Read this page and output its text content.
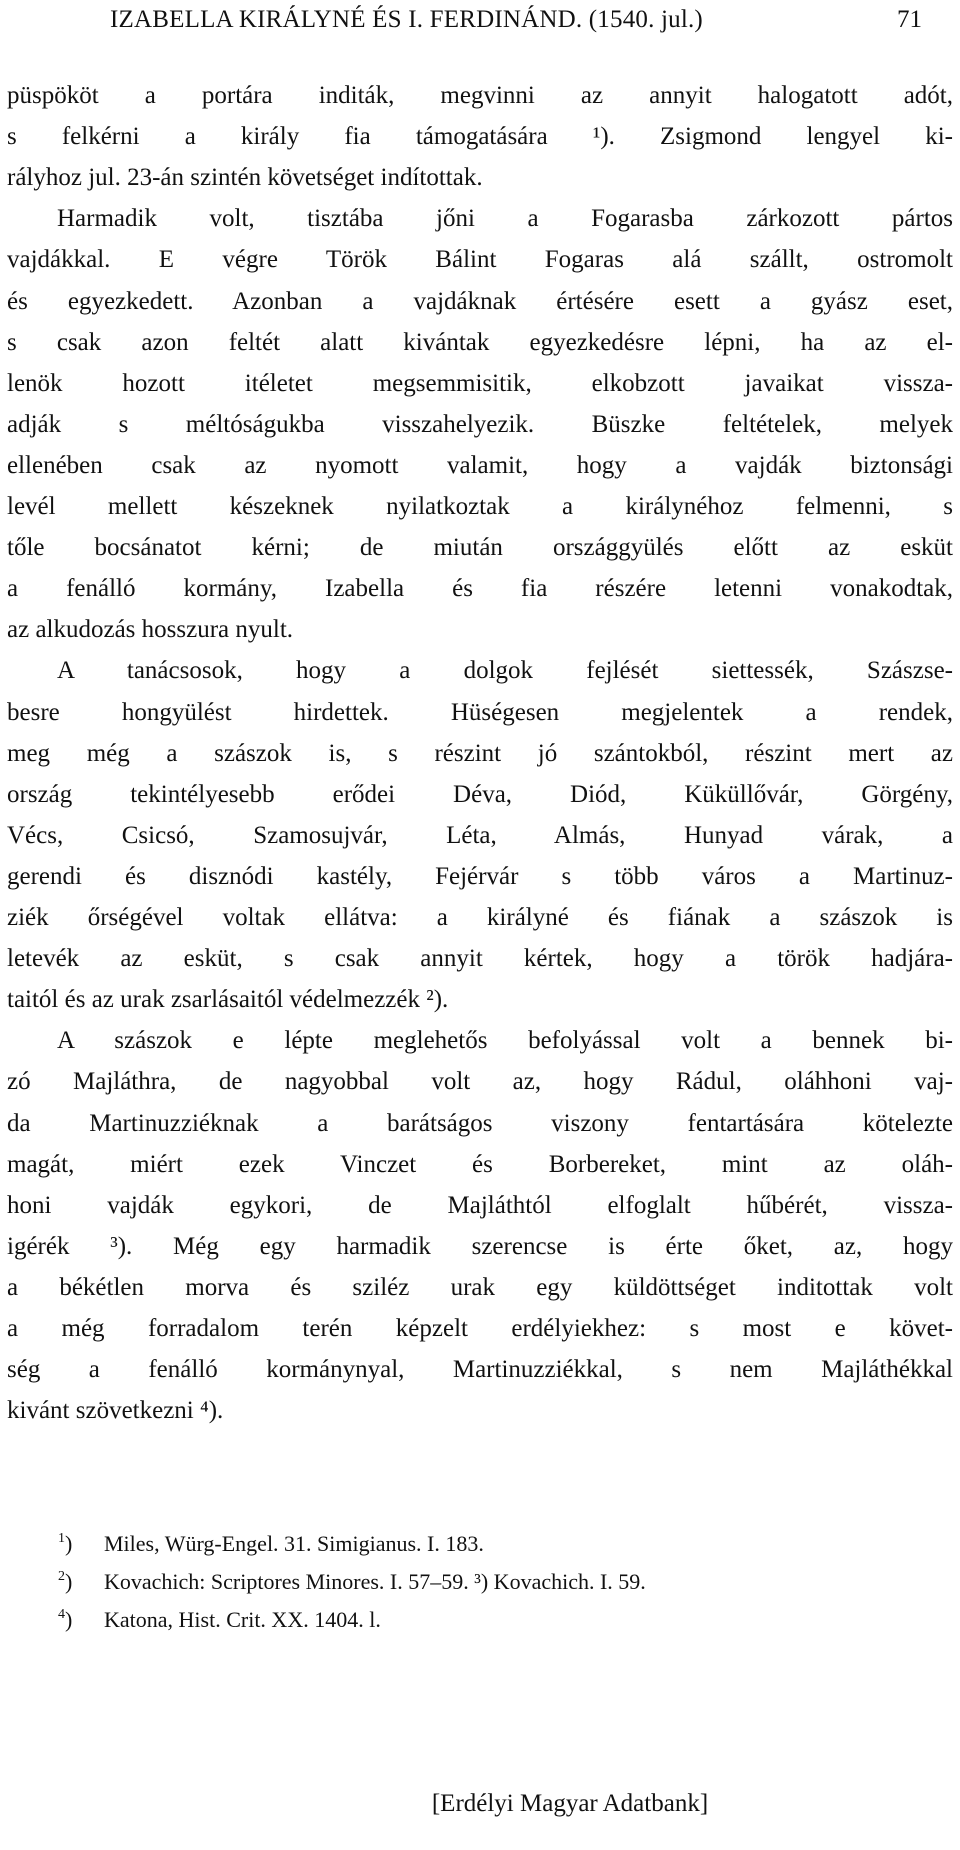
IZABELLA KIRÁLYNÉ ÉS I. FERDINÁND. (1540. jul.)	71
püspököt a portára inditák, megvinni az annyit halogatott adót,
s felkérni a király fia támogatására ¹). Zsigmond lengyel ki-
rályhoz jul. 23-án szintén követséget indítottak.
Harmadik volt, tisztába jőni a Fogarasba zárkozott pártos
vajdákkal. E végre Török Bálint Fogaras alá szállt, ostromolt
és egyezkedett. Azonban a vajdáknak értésére esett a gyász eset,
s csak azon feltét alatt kivántak egyezkedésre lépni, ha az el-
lenök hozott itéletet megsemmisitik, elkobzott javaikat vissza-
adják s méltóságukba visszahelyezik. Büszke feltételek, melyek
ellenében csak az nyomott valamit, hogy a vajdák biztonsági
levél mellett készeknek nyilatkoztak a királynéhoz felmenni, s
tőle bocsánatot kérni; de miután országgyülés előtt az esküt
a fenálló kormány, Izabella és fia részére letenni vonakodtak,
az alkudozás hosszura nyult.
A tanácsosok, hogy a dolgok fejlését siettessék, Szászse-
besre hongyülést hirdettek. Hüségesen megjelentek a rendek,
meg még a szászok is, s részint jó szántokból, részint mert az
ország tekintélyesebb erődei Déva, Diód, Küküllővár, Görgény,
Vécs, Csicsó, Szamosujvár, Léta, Almás, Hunyad várak, a
gerendi és disznódi kastély, Fejérvár s több város a Martinuz-
ziék őrségével voltak ellátva: a királyné és fiának a szászok is
letevék az esküt, s csak annyit kértek, hogy a török hadjára-
taitól és az urak zsarlásaitól védelmezzék ²).
A szászok e lépte meglehetős befolyással volt a bennek bi-
zó Majláthra, de nagyobbal volt az, hogy Rádul, oláhhoni vaj-
da Martinuzziéknak a barátságos viszony fentartására kötelezte
magát, miért ezek Vinczet és Borbereket, mint az oláh-
honi vajdák egykori, de Majláthtól elfoglalt hűbérét, vissza-
igérék ³). Még egy harmadik szerencse is érte őket, az, hogy
a békétlen morva és sziléz urak egy küldöttséget inditottak volt
a még forradalom terén képzelt erdélyiekhez: s most e követ-
ség a fenálló kormánynyal, Martinuzziékkal, s nem Majláthékkal
kivánt szövetkezni ⁴).
$^1$) Miles, Würg-Engel. 31. Simigianus. I. 183.
$^2$) Kovachich: Scriptores Minores. I. 57–59. ³) Kovachich. I. 59.
$^4$) Katona, Hist. Crit. XX. 1404. l.
[Erdélyi Magyar Adatbank]
